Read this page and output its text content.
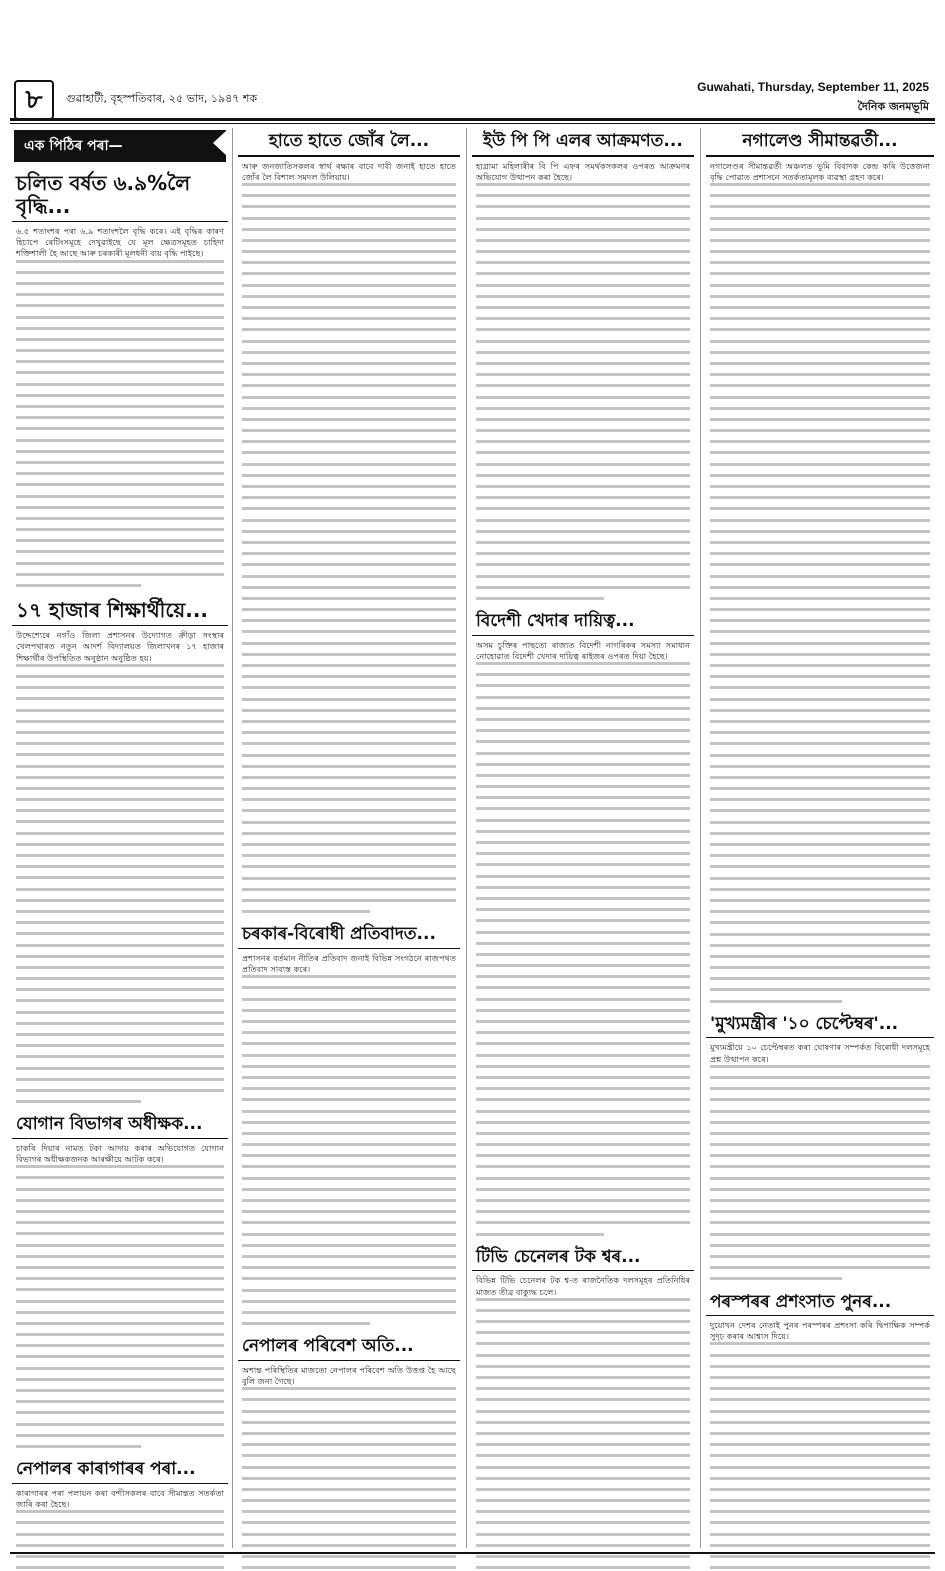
৮	গুৱাহাটী, বৃহস্পতিবাৰ, ২৫ ভাদ, ১৯৪৭ শক
Guwahati, Thursday, September 11, 2025
দৈনিক জনমভূমি
এক পিঠিৰ পৰা—
চলিত বৰ্ষত ৬.৯%লৈ বৃদ্ধি...
৬.৫ শতাংশৰ পৰা ৬.৯ শতাংশলৈ বৃদ্ধি কৰে। এই বৃদ্ধিৰ কাৰণ হিচাপে ৰেটিংসমূহে দেখুৱাইছে যে মূল ক্ষেত্ৰসমূহত চাহিদা শক্তিশালী হৈ আছে আৰু চৰকাৰী মূলধনী ব্যয় বৃদ্ধি পাইছে।
১৭ হাজাৰ শিক্ষাৰ্থীয়ে...
উদ্দেশ্যেৰে নগাঁও জিলা প্ৰশাসনৰ উদ্যোগত ক্ৰীড়া সংস্থাৰ খেলপথাৰত নতুন আদৰ্শ বিদ্যালয়ত জিলাখনৰ ১৭ হাজাৰ শিক্ষাৰ্থীৰ উপস্থিতিত অনুষ্ঠান অনুষ্ঠিত হয়।
যোগান বিভাগৰ অধীক্ষক...
চাকৰি দিয়াৰ নামত টকা আদায় কৰাৰ অভিযোগত যোগান বিভাগৰ অধীক্ষকজনক আৰক্ষীয়ে আটক কৰে।
নেপালৰ কাৰাগাৰৰ পৰা...
কাৰাগাৰৰ পৰা পলায়ন কৰা বন্দীসকলৰ বাবে সীমান্তত সতৰ্কতা জাৰি কৰা হৈছে।
হাতে হাতে জোঁৰ লৈ...
আৰু জনজাতিসকলৰ স্বাৰ্থ ৰক্ষাৰ বাবে দাবী জনাই হাতে হাতে জোঁৰ লৈ বিশাল সমদল উলিয়ায়।
চৰকাৰ-বিৰোধী প্ৰতিবাদত...
প্ৰশাসনৰ বৰ্তমান নীতিৰ প্ৰতিবাদ জনাই বিভিন্ন সংগঠনে ৰাজপথত প্ৰতিবাদ সাব্যস্ত কৰে।
নেপালৰ পৰিবেশ অতি...
অশান্ত পৰিস্থিতিৰ মাজতো নেপালৰ পৰিবেশ অতি উত্তপ্ত হৈ আছে বুলি জনা গৈছে।
ইউ পি পি এলৰ আক্ৰমণত...
হাগ্ৰামা মহিলাৰীৰ বি পি এফৰ সমৰ্থকসকলৰ ওপৰত আক্ৰমণৰ অভিযোগ উত্থাপন কৰা হৈছে।
বিদেশী খেদাৰ দায়িত্ব...
অসম চুক্তিৰ পাছতো ৰাজ্যত বিদেশী নাগৰিকৰ সমস্যা সমাধান নোহোৱাত বিদেশী খেদাৰ দায়িত্ব ৰাইজৰ ওপৰত দিয়া হৈছে।
টিভি চেনেলৰ টক শ্বৰ...
বিভিন্ন টিভি চেনেলৰ টক শ্ব-ত ৰাজনৈতিক দলসমূহৰ প্ৰতিনিধিৰ মাজত তীব্ৰ বাক্যুদ্ধ চলে।
নগালেণ্ড সীমান্তৱৰ্তী...
নগালেণ্ডৰ সীমান্তৱৰ্তী অঞ্চলত ভূমি বিবাদক কেন্দ্ৰ কৰি উত্তেজনা বৃদ্ধি পোৱাত প্ৰশাসনে সতৰ্কতামূলক ব্যৱস্থা গ্ৰহণ কৰে।
'মুখ্যমন্ত্ৰীৰ '১০ চেপ্টেম্বৰ'...
মুখ্যমন্ত্ৰীয়ে ১০ চেপ্টেম্বৰত কৰা ঘোষণাৰ সম্পৰ্কত বিৰোধী দলসমূহে প্ৰশ্ন উত্থাপন কৰে।
পৰস্পৰৰ প্ৰশংসাত পুনৰ...
দুয়োখন দেশৰ নেতাই পুনৰ পৰস্পৰৰ প্ৰশংসা কৰি দ্বিপাক্ষিক সম্পৰ্ক সুদৃঢ় কৰাৰ আশ্বাস দিয়ে।
